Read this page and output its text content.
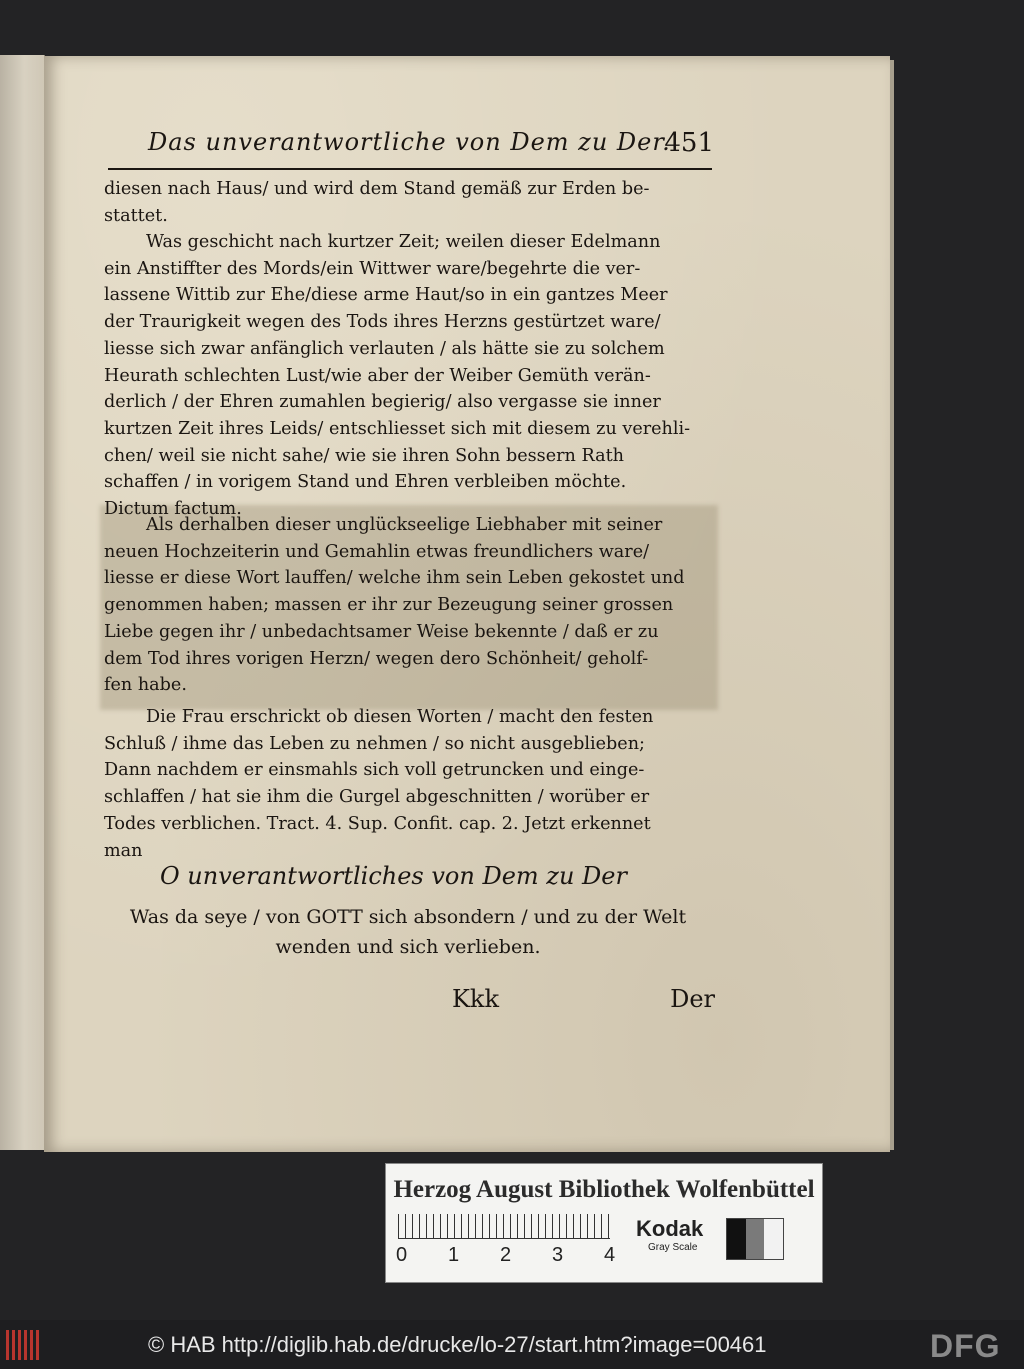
Das unverantwortliche von Dem zu Der.
451
diesen nach Haus/ und wird dem Stand gemäß zur Erden be-
stattet.
Was geschicht nach kurtzer Zeit; weilen dieser Edelmann
ein Anstiffter des Mords/ein Wittwer ware/begehrte die ver-
lassene Wittib zur Ehe/diese arme Haut/so in ein gantzes Meer
der Traurigkeit wegen des Tods ihres Herzns gestürtzet ware/
liesse sich zwar anfänglich verlauten / als hätte sie zu solchem
Heurath schlechten Lust/wie aber der Weiber Gemüth verän-
derlich / der Ehren zumahlen begierig/ also vergasse sie inner
kurtzen Zeit ihres Leids/ entschliesset sich mit diesem zu verehli-
chen/ weil sie nicht sahe/ wie sie ihren Sohn bessern Rath
schaffen / in vorigem Stand und Ehren verbleiben möchte.
Dictum factum.
Als derhalben dieser unglückseelige Liebhaber mit seiner
neuen Hochzeiterin und Gemahlin etwas freundlichers ware/
liesse er diese Wort lauffen/ welche ihm sein Leben gekostet und
genommen haben; massen er ihr zur Bezeugung seiner grossen
Liebe gegen ihr / unbedachtsamer Weise bekennte / daß er zu
dem Tod ihres vorigen Herzn/ wegen dero Schönheit/ geholf-
fen habe.
Die Frau erschrickt ob diesen Worten / macht den festen
Schluß / ihme das Leben zu nehmen / so nicht ausgeblieben;
Dann nachdem er einsmahls sich voll getruncken und einge-
schlaffen / hat sie ihm die Gurgel abgeschnitten / worüber er
Todes verblichen. Tract. 4. Sup. Confit. cap. 2. Jetzt erkennet
man
O unverantwortliches von Dem zu Der
Was da seye / von GOTT sich absondern / und zu der Welt
wenden und sich verlieben.
Kkk	Der
Herzog August Bibliothek Wolfenbüttel
0 1 2 3 4
Kodak
Gray Scale
© HAB http://diglib.hab.de/drucke/lo-27/start.htm?image=00461	DFG
